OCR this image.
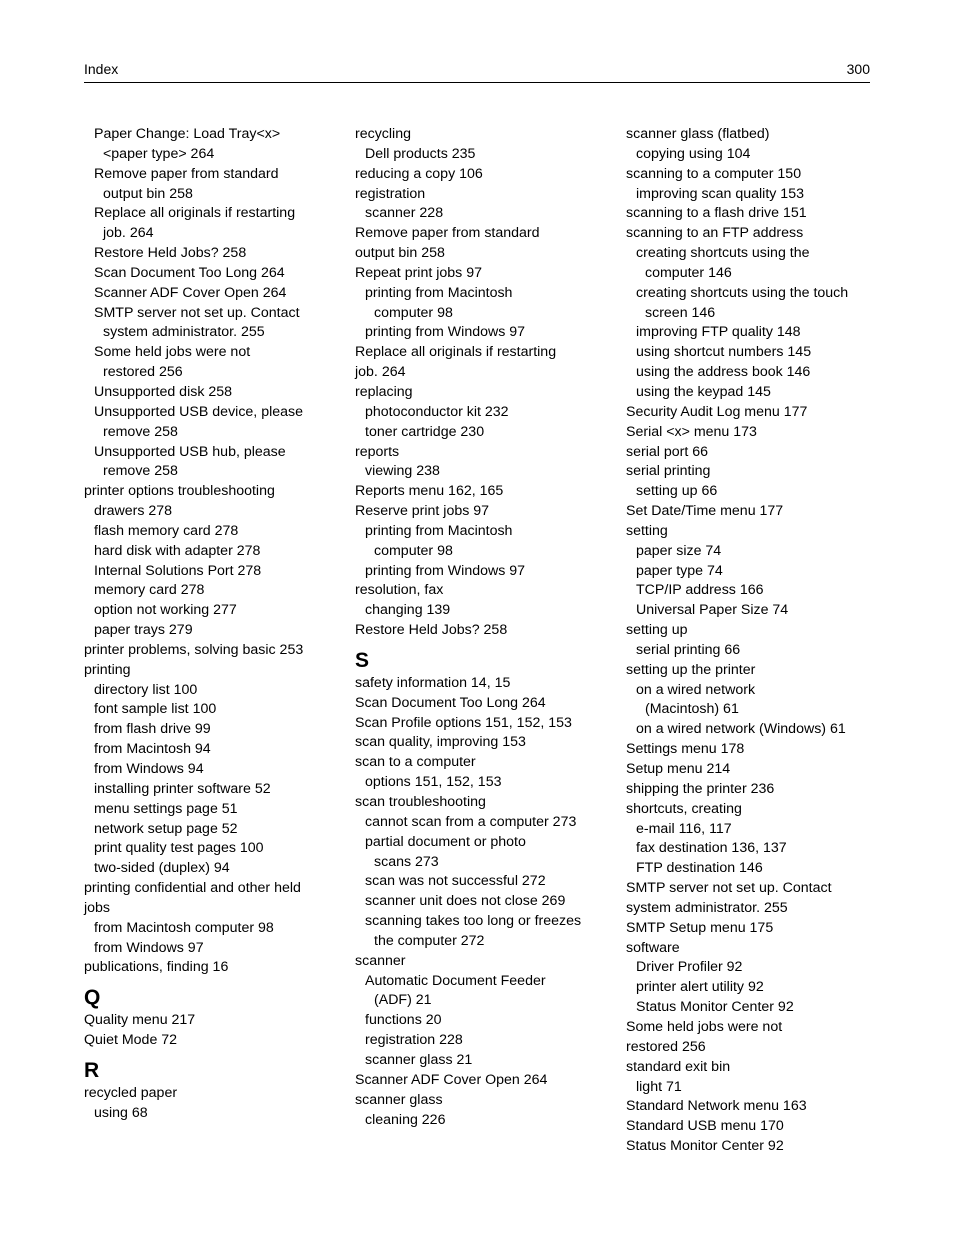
Index	300
Paper Change: Load Tray<x>
<paper type> 264
Remove paper from standard
output bin 258
Replace all originals if restarting
job. 264
Restore Held Jobs? 258
Scan Document Too Long 264
Scanner ADF Cover Open 264
SMTP server not set up. Contact
system administrator. 255
Some held jobs were not
restored 256
Unsupported disk 258
Unsupported USB device, please
remove 258
Unsupported USB hub, please
remove 258
printer options troubleshooting
drawers 278
flash memory card 278
hard disk with adapter 278
Internal Solutions Port 278
memory card 278
option not working 277
paper trays 279
printer problems, solving basic 253
printing
directory list 100
font sample list 100
from flash drive 99
from Macintosh 94
from Windows 94
installing printer software 52
menu settings page 51
network setup page 52
print quality test pages 100
two-sided (duplex) 94
printing confidential and other held
jobs
from Macintosh computer 98
from Windows 97
publications, finding 16
Q
Quality menu 217
Quiet Mode 72
R
recycled paper
using 68
recycling
Dell products 235
reducing a copy 106
registration
scanner 228
Remove paper from standard
output bin 258
Repeat print jobs 97
printing from Macintosh
computer 98
printing from Windows 97
Replace all originals if restarting
job. 264
replacing
photoconductor kit 232
toner cartridge 230
reports
viewing 238
Reports menu 162, 165
Reserve print jobs 97
printing from Macintosh
computer 98
printing from Windows 97
resolution, fax
changing 139
Restore Held Jobs? 258
S
safety information 14, 15
Scan Document Too Long 264
Scan Profile options 151, 152, 153
scan quality, improving 153
scan to a computer
options 151, 152, 153
scan troubleshooting
cannot scan from a computer 273
partial document or photo
scans 273
scan was not successful 272
scanner unit does not close 269
scanning takes too long or freezes
the computer 272
scanner
Automatic Document Feeder
(ADF) 21
functions 20
registration 228
scanner glass 21
Scanner ADF Cover Open 264
scanner glass
cleaning 226
scanner glass (flatbed)
copying using 104
scanning to a computer 150
improving scan quality 153
scanning to a flash drive 151
scanning to an FTP address
creating shortcuts using the
computer 146
creating shortcuts using the touch
screen 146
improving FTP quality 148
using shortcut numbers 145
using the address book 146
using the keypad 145
Security Audit Log menu 177
Serial <x> menu 173
serial port 66
serial printing
setting up 66
Set Date/Time menu 177
setting
paper size 74
paper type 74
TCP/IP address 166
Universal Paper Size 74
setting up
serial printing 66
setting up the printer
on a wired network
(Macintosh) 61
on a wired network (Windows) 61
Settings menu 178
Setup menu 214
shipping the printer 236
shortcuts, creating
e-mail 116, 117
fax destination 136, 137
FTP destination 146
SMTP server not set up. Contact
system administrator. 255
SMTP Setup menu 175
software
Driver Profiler 92
printer alert utility 92
Status Monitor Center 92
Some held jobs were not
restored 256
standard exit bin
light 71
Standard Network menu 163
Standard USB menu 170
Status Monitor Center 92
